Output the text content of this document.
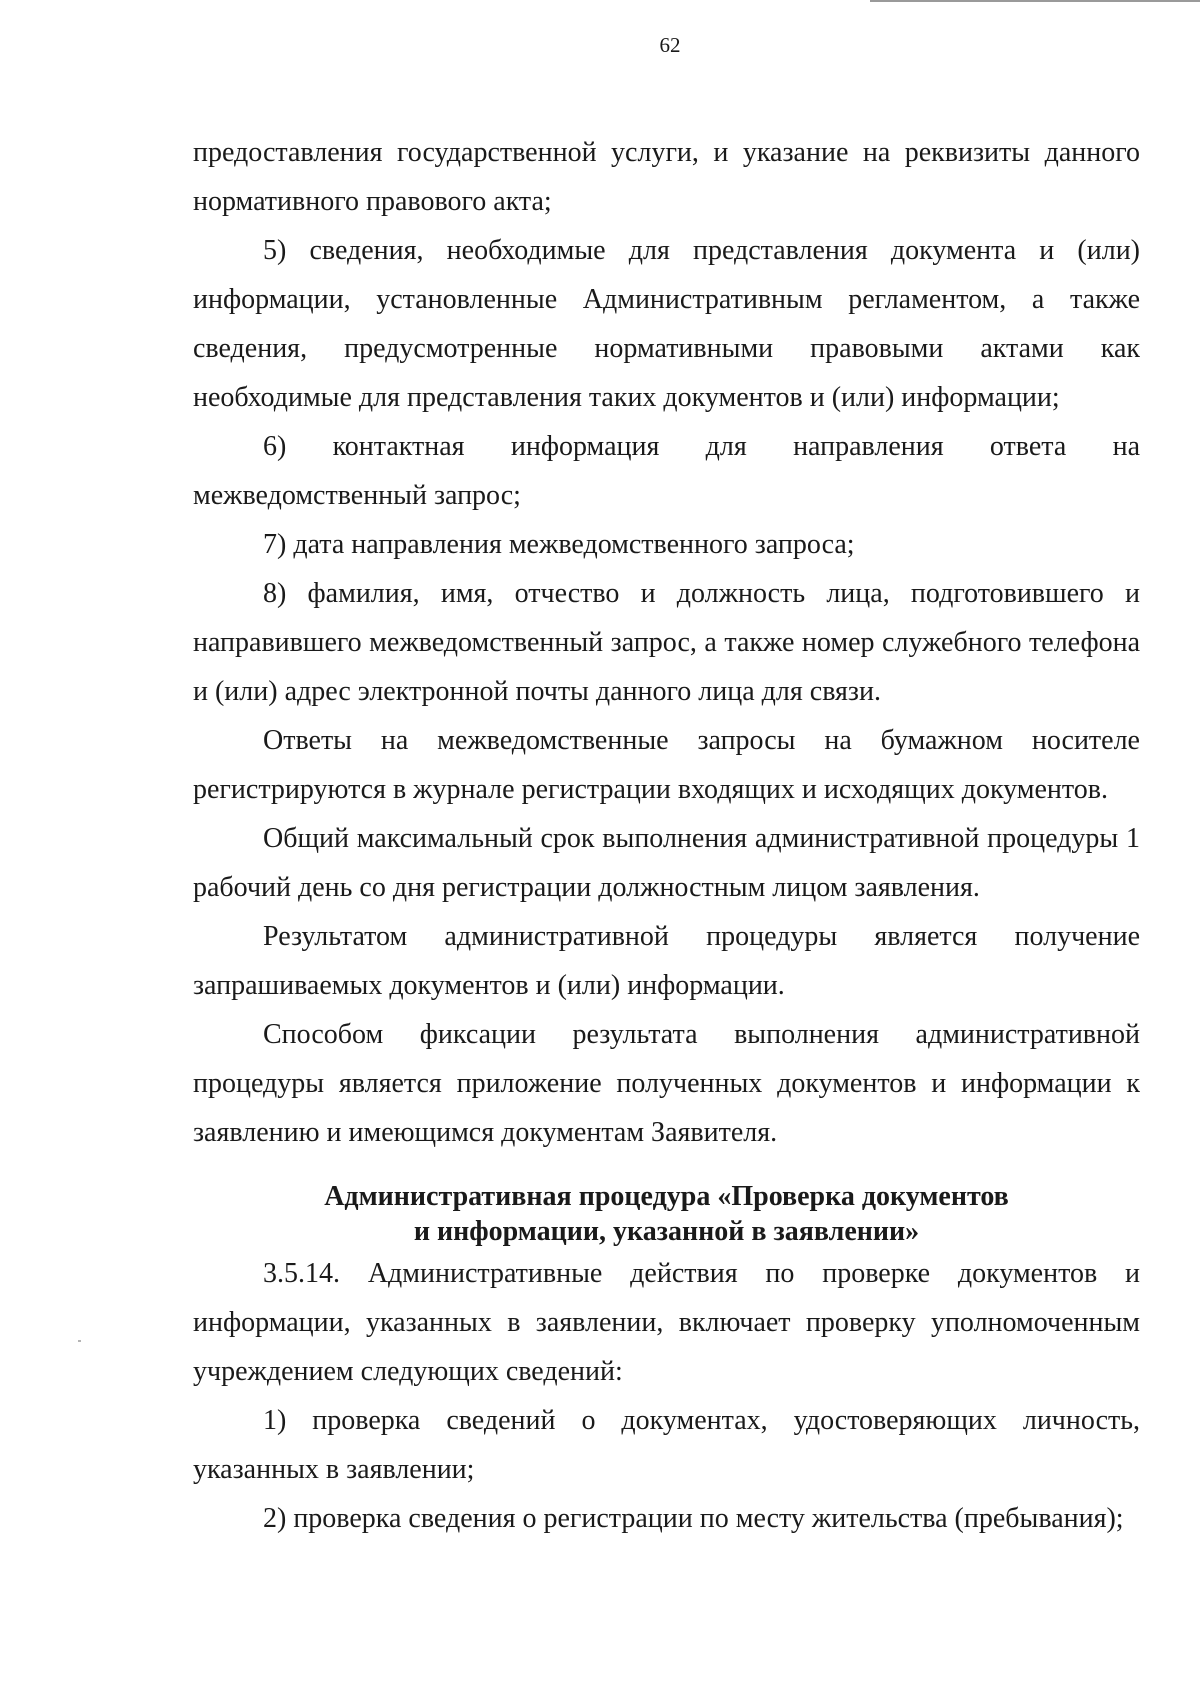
62

предоставления государственной услуги, и указание на реквизиты данного нормативного правового акта;

5) сведения, необходимые для представления документа и (или) информации, установленные Административным регламентом, а также сведения, предусмотренные нормативными правовыми актами как необходимые для представления таких документов и (или) информации;

6) контактная информация для направления ответа на межведомственный запрос;

7) дата направления межведомственного запроса;

8) фамилия, имя, отчество и должность лица, подготовившего и направившего межведомственный запрос, а также номер служебного телефона и (или) адрес электронной почты данного лица для связи.

Ответы на межведомственные запросы на бумажном носителе регистрируются в журнале регистрации входящих и исходящих документов.

Общий максимальный срок выполнения административной процедуры 1 рабочий день со дня регистрации должностным лицом заявления.

Результатом административной процедуры является получение запрашиваемых документов и (или) информации.

Способом фиксации результата выполнения административной процедуры является приложение полученных документов и информации к заявлению и имеющимся документам Заявителя.

Административная процедура «Проверка документов
и информации, указанной в заявлении»

3.5.14. Административные действия по проверке документов и информации, указанных в заявлении, включает проверку уполномоченным учреждением следующих сведений:

1) проверка сведений о документах, удостоверяющих личность, указанных в заявлении;

2) проверка сведения о регистрации по месту жительства (пребывания);
